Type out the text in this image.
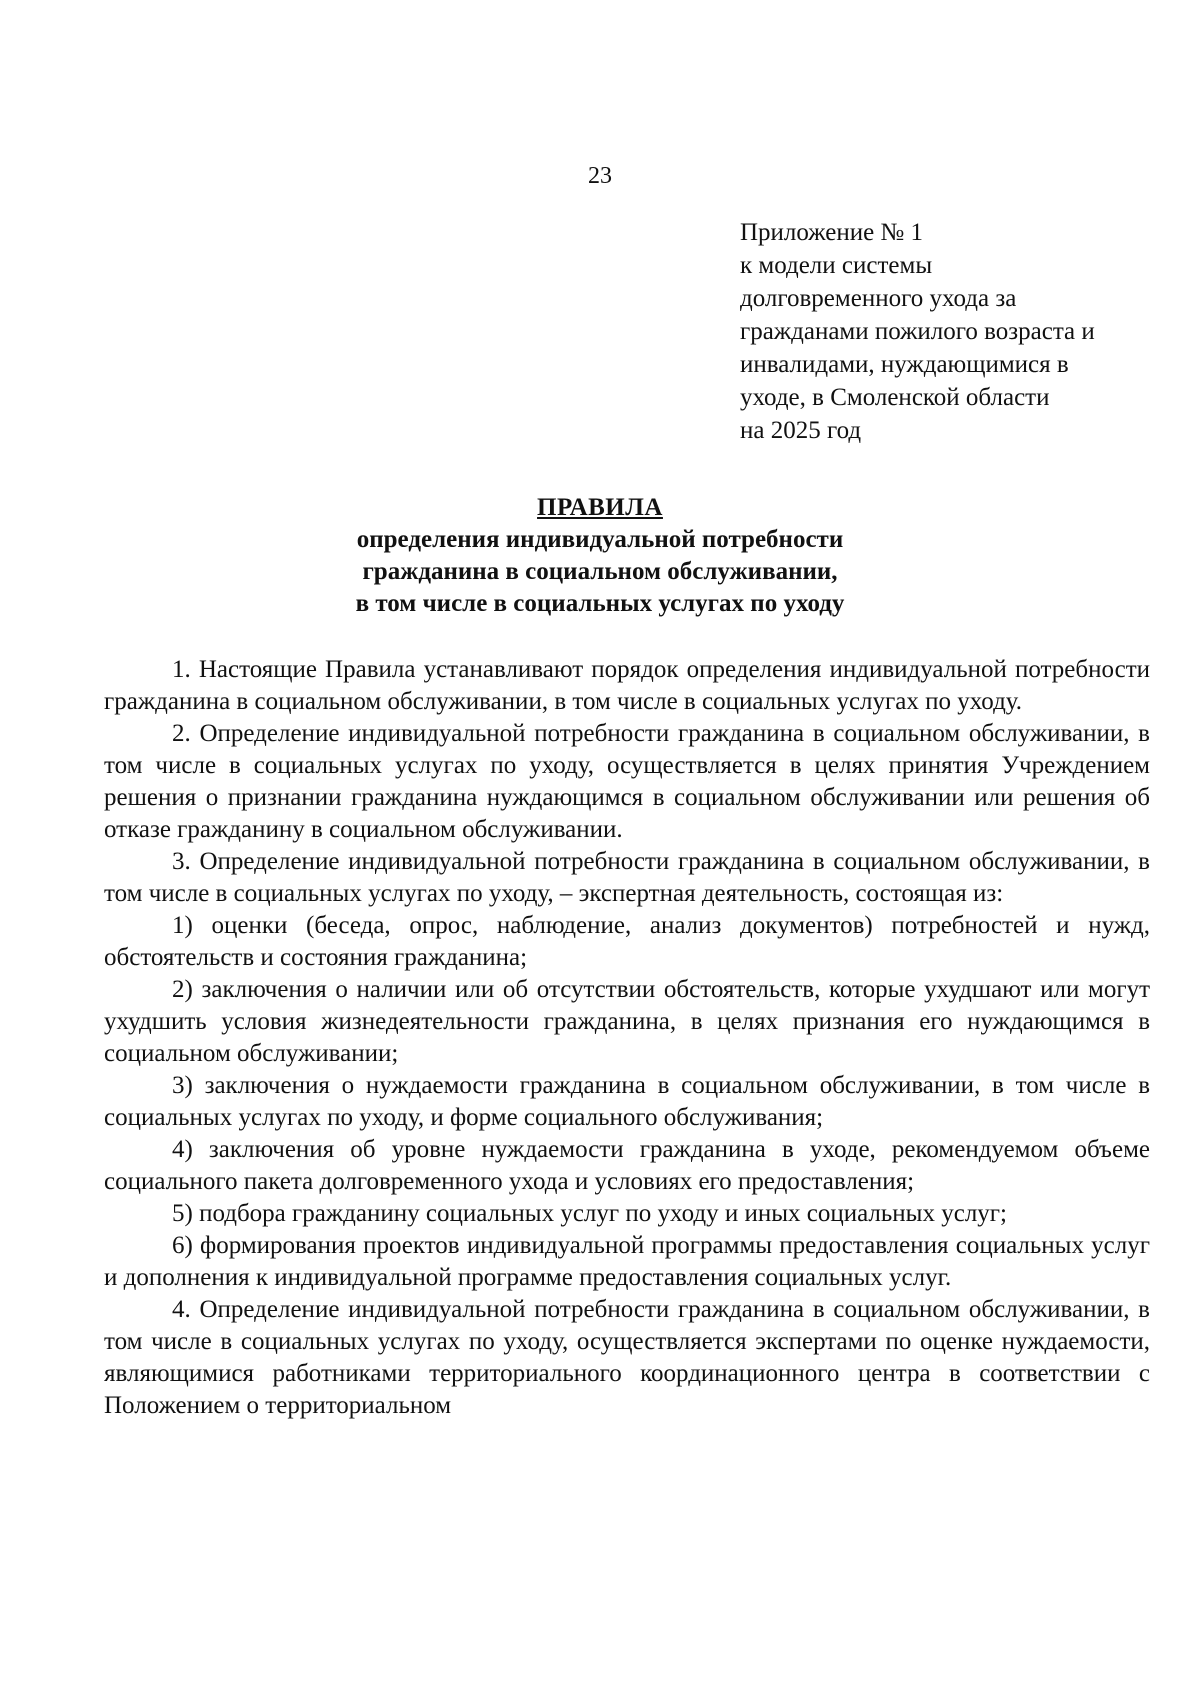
23
Приложение № 1
к модели системы
долговременного ухода за
гражданами пожилого возраста и
инвалидами, нуждающимися в
уходе, в Смоленской области
на 2025 год
ПРАВИЛА
определения индивидуальной потребности
гражданина в социальном обслуживании,
в том числе в социальных услугах по уходу

1. Настоящие Правила устанавливают порядок определения индивидуальной потребности гражданина в социальном обслуживании, в том числе в социальных услугах по уходу.

2. Определение индивидуальной потребности гражданина в социальном обслуживании, в том числе в социальных услугах по уходу, осуществляется в целях принятия Учреждением решения о признании гражданина нуждающимся в социальном обслуживании или решения об отказе гражданину в социальном обслуживании.

3. Определение индивидуальной потребности гражданина в социальном обслуживании, в том числе в социальных услугах по уходу, – экспертная деятельность, состоящая из:

1) оценки (беседа, опрос, наблюдение, анализ документов) потребностей и нужд, обстоятельств и состояния гражданина;

2) заключения о наличии или об отсутствии обстоятельств, которые ухудшают или могут ухудшить условия жизнедеятельности гражданина, в целях признания его нуждающимся в социальном обслуживании;

3) заключения о нуждаемости гражданина в социальном обслуживании, в том числе в социальных услугах по уходу, и форме социального обслуживания;

4) заключения об уровне нуждаемости гражданина в уходе, рекомендуемом объеме социального пакета долговременного ухода и условиях его предоставления;

5) подбора гражданину социальных услуг по уходу и иных социальных услуг;

6) формирования проектов индивидуальной программы предоставления социальных услуг и дополнения к индивидуальной программе предоставления социальных услуг.

4. Определение индивидуальной потребности гражданина в социальном обслуживании, в том числе в социальных услугах по уходу, осуществляется экспертами по оценке нуждаемости, являющимися работниками территориального координационного центра в соответствии с Положением о территориальном
